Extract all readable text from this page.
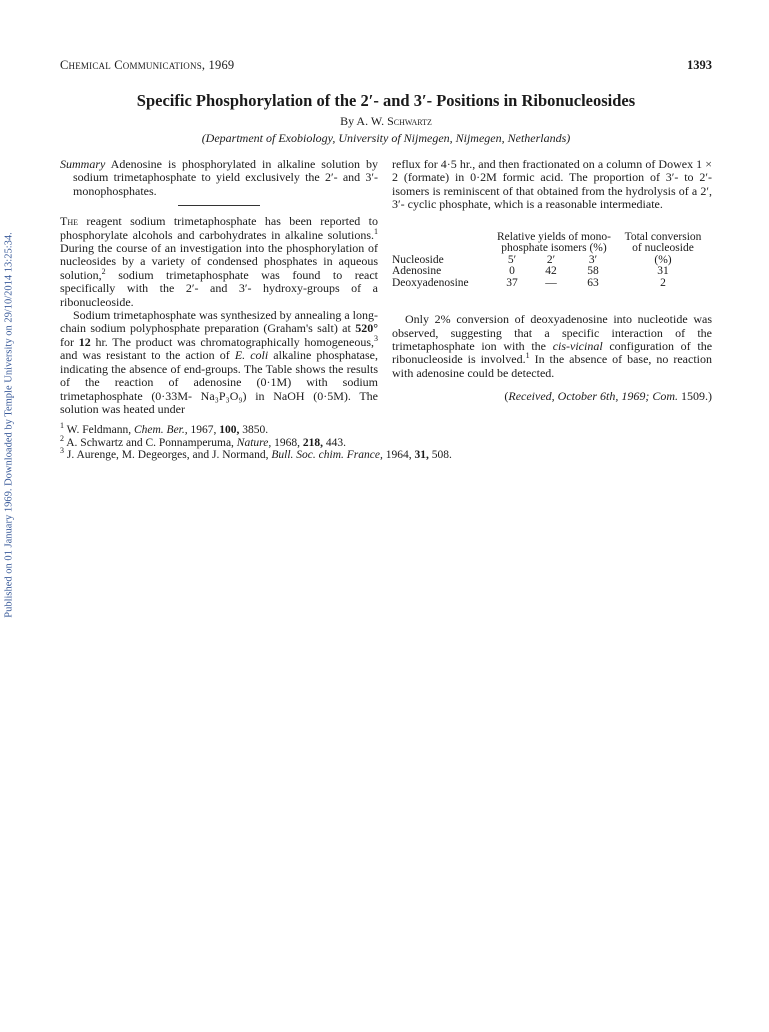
Published on 01 January 1969. Downloaded by Temple University on 29/10/2014 13:25:34.
Chemical Communications, 1969	1393
Specific Phosphorylation of the 2′- and 3′- Positions in Ribonucleosides
By A. W. Schwartz
(Department of Exobiology, University of Nijmegen, Nijmegen, Netherlands)

Summary Adenosine is phosphorylated in alkaline solution by sodium trimetaphosphate to yield exclusively the 2′- and 3′-monophosphates.

The reagent sodium trimetaphosphate has been reported to phosphorylate alcohols and carbohydrates in alkaline solutions.$^1$ During the course of an investigation into the phosphorylation of nucleosides by a variety of condensed phosphates in aqueous solution,$^2$ sodium trimetaphosphate was found to react specifically with the 2′- and 3′- hydroxy-groups of a ribonucleoside.

Sodium trimetaphosphate was synthesized by annealing a long-chain sodium polyphosphate preparation (Graham's salt) at 520° for 12 hr. The product was chromatographically homogeneous,$^3$ and was resistant to the action of E. coli alkaline phosphatase, indicating the absence of end-groups. The Table shows the results of the reaction of adenosine (0·1M) with sodium trimetaphosphate (0·33M- Na₃P₃O₉) in NaOH (0·5M). The solution was heated under

reflux for 4·5 hr., and then fractionated on a column of Dowex 1 × 2 (formate) in 0·2M formic acid. The proportion of 3′- to 2′- isomers is reminiscent of that obtained from the hydrolysis of a 2′, 3′- cyclic phosphate, which is a reasonable intermediate.

Relative yields of mono-	Total conversion
phosphate isomers (%)	of nucleoside
Nucleoside	5′	2′	3′	(%)
Adenosine	0	42	58	31
Deoxyadenosine	37	—	63	2

Only 2% conversion of deoxyadenosine into nucleotide was observed, suggesting that a specific interaction of the trimetaphosphate ion with the cis-vicinal configuration of the ribonucleoside is involved.$^1$ In the absence of base, no reaction with adenosine could be detected.

(Received, October 6th, 1969; Com. 1509.)
$^1$ W. Feldmann, Chem. Ber., 1967, 100, 3850.
$^2$ A. Schwartz and C. Ponnamperuma, Nature, 1968, 218, 443.
$^3$ J. Aurenge, M. Degeorges, and J. Normand, Bull. Soc. chim. France, 1964, 31, 508.
